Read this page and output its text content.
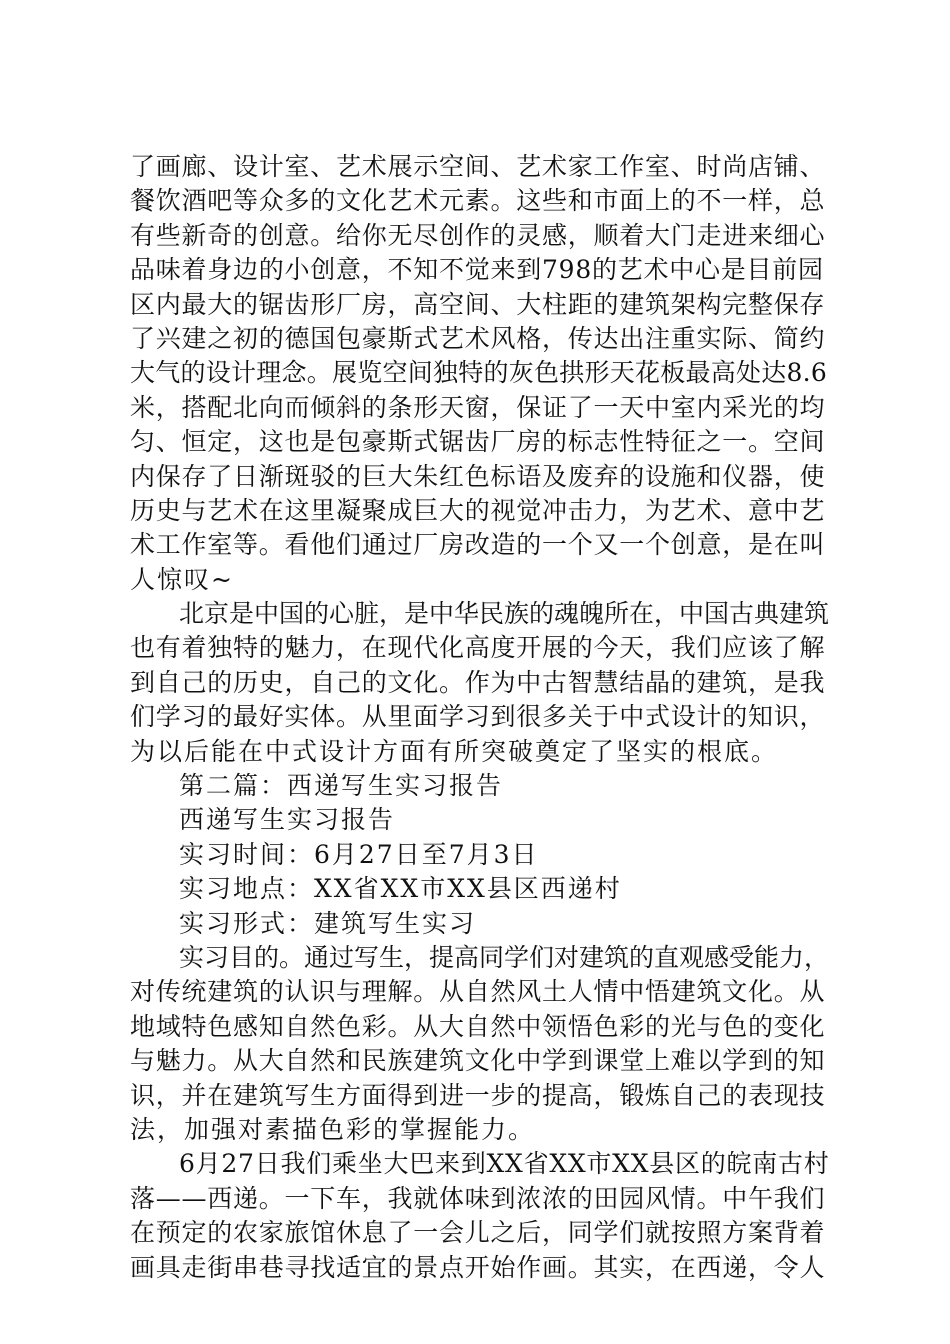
了画廊、设计室、艺术展示空间、艺术家工作室、时尚店铺、
餐饮酒吧等众多的文化艺术元素。这些和市面上的不一样，总
有些新奇的创意。给你无尽创作的灵感，顺着大门走进来细心
品味着身边的小创意，不知不觉来到798的艺术中心是目前园
区内最大的锯齿形厂房，高空间、大柱距的建筑架构完整保存
了兴建之初的德国包豪斯式艺术风格，传达出注重实际、简约
大气的设计理念。展览空间独特的灰色拱形天花板最高处达8.6
米，搭配北向而倾斜的条形天窗，保证了一天中室内采光的均
匀、恒定，这也是包豪斯式锯齿厂房的标志性特征之一。空间
内保存了日渐斑驳的巨大朱红色标语及废弃的设施和仪器，使
历史与艺术在这里凝聚成巨大的视觉冲击力，为艺术、意中艺
术工作室等。看他们通过厂房改造的一个又一个创意，是在叫
人惊叹~
北京是中国的心脏，是中华民族的魂魄所在，中国古典建筑
也有着独特的魅力，在现代化高度开展的今天，我们应该了解
到自己的历史，自己的文化。作为中古智慧结晶的建筑，是我
们学习的最好实体。从里面学习到很多关于中式设计的知识，
为以后能在中式设计方面有所突破奠定了坚实的根底。
第二篇：西递写生实习报告
西递写生实习报告
实习时间：6月27日至7月3日
实习地点：XX省XX市XX县区西递村
实习形式：建筑写生实习
实习目的。通过写生，提高同学们对建筑的直观感受能力，
对传统建筑的认识与理解。从自然风土人情中悟建筑文化。从
地域特色感知自然色彩。从大自然中领悟色彩的光与色的变化
与魅力。从大自然和民族建筑文化中学到课堂上难以学到的知
识，并在建筑写生方面得到进一步的提高，锻炼自己的表现技
法，加强对素描色彩的掌握能力。
6月27日我们乘坐大巴来到XX省XX市XX县区的皖南古村
落——西递。一下车，我就体味到浓浓的田园风情。中午我们
在预定的农家旅馆休息了一会儿之后，同学们就按照方案背着
画具走街串巷寻找适宜的景点开始作画。其实，在西递，令人
